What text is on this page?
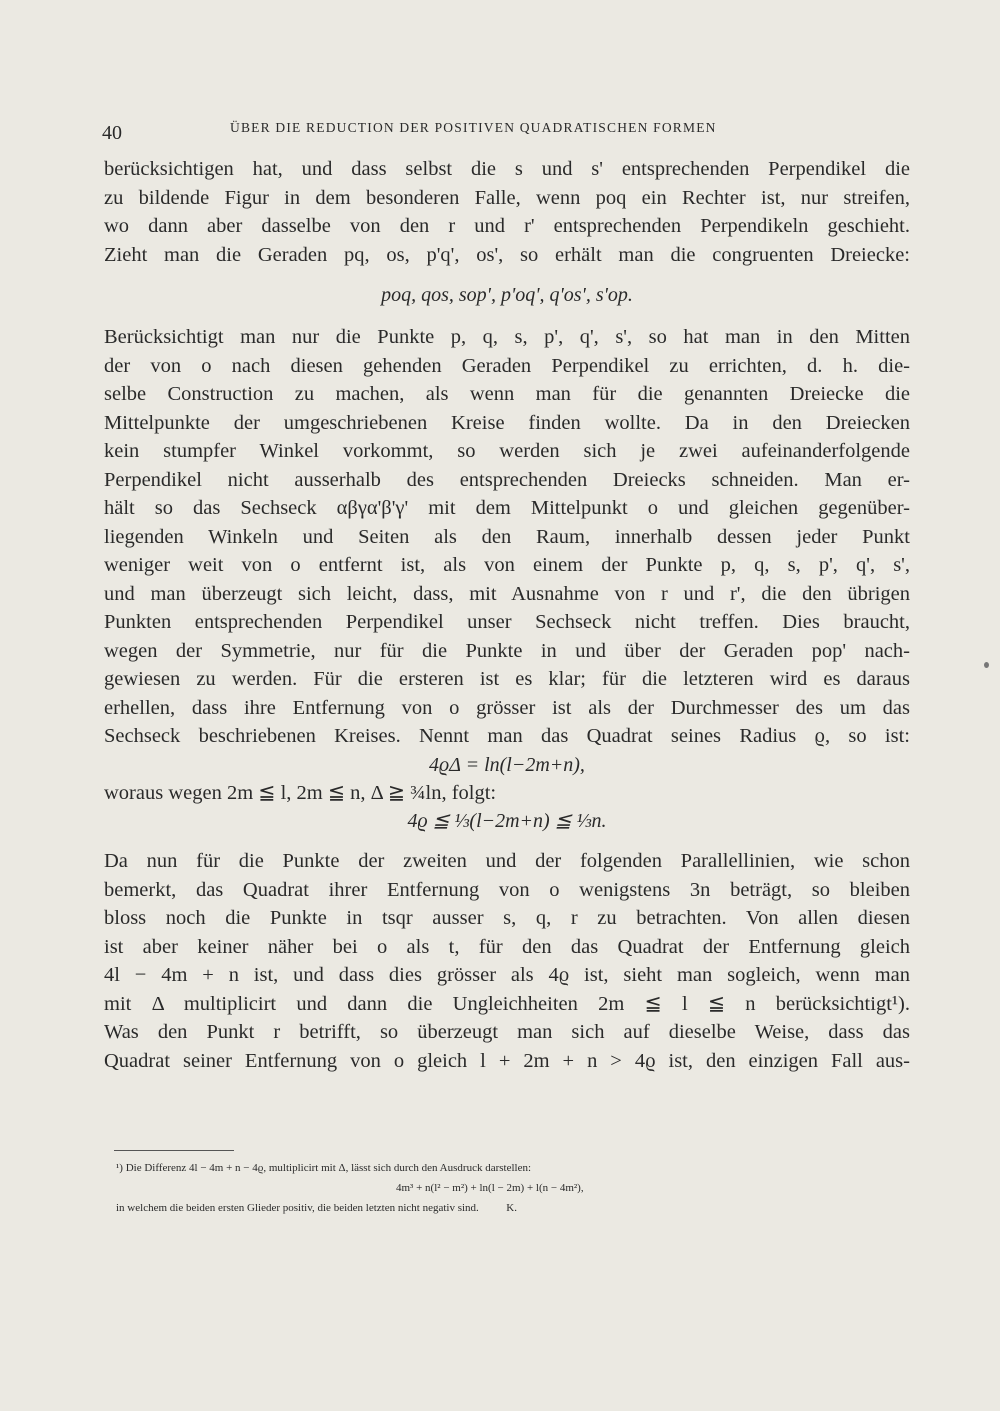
40	ÜBER DIE REDUCTION DER POSITIVEN QUADRATISCHEN FORMEN
berücksichtigen hat, und dass selbst die s und s' entsprechenden Perpendikel die
zu bildende Figur in dem besonderen Falle, wenn poq ein Rechter ist, nur streifen,
wo dann aber dasselbe von den r und r' entsprechenden Perpendikeln geschieht.
Zieht man die Geraden pq, os, p'q', os', so erhält man die congruenten Dreiecke:
poq, qos, sop', p'oq', q'os', s'op.
Berücksichtigt man nur die Punkte p, q, s, p', q', s', so hat man in den Mitten
der von o nach diesen gehenden Geraden Perpendikel zu errichten, d. h. die-
selbe Construction zu machen, als wenn man für die genannten Dreiecke die
Mittelpunkte der umgeschriebenen Kreise finden wollte. Da in den Dreiecken
kein stumpfer Winkel vorkommt, so werden sich je zwei aufeinanderfolgende
Perpendikel nicht ausserhalb des entsprechenden Dreiecks schneiden. Man er-
hält so das Sechseck αβγα'β'γ' mit dem Mittelpunkt o und gleichen gegenüber-
liegenden Winkeln und Seiten als den Raum, innerhalb dessen jeder Punkt
weniger weit von o entfernt ist, als von einem der Punkte p, q, s, p', q', s',
und man überzeugt sich leicht, dass, mit Ausnahme von r und r', die den übrigen
Punkten entsprechenden Perpendikel unser Sechseck nicht treffen. Dies braucht,
wegen der Symmetrie, nur für die Punkte in und über der Geraden pop' nach-
gewiesen zu werden. Für die ersteren ist es klar; für die letzteren wird es daraus
erhellen, dass ihre Entfernung von o grösser ist als der Durchmesser des um das
Sechseck beschriebenen Kreises. Nennt man das Quadrat seines Radius ϱ, so ist:
4ϱΔ = ln(l−2m+n),
woraus wegen 2m ≦ l, 2m ≦ n, Δ ≧ ¾ln, folgt:
4ϱ ≦ ⅓(l−2m+n) ≦ ⅓n.
Da nun für die Punkte der zweiten und der folgenden Parallellinien, wie schon
bemerkt, das Quadrat ihrer Entfernung von o wenigstens 3n beträgt, so bleiben
bloss noch die Punkte in tsqr ausser s, q, r zu betrachten. Von allen diesen
ist aber keiner näher bei o als t, für den das Quadrat der Entfernung gleich
4l − 4m + n ist, und dass dies grösser als 4ϱ ist, sieht man sogleich, wenn man
mit Δ multiplicirt und dann die Ungleichheiten 2m ≦ l ≦ n berücksichtigt¹).
Was den Punkt r betrifft, so überzeugt man sich auf dieselbe Weise, dass das
Quadrat seiner Entfernung von o gleich l + 2m + n > 4ϱ ist, den einzigen Fall aus-
¹) Die Differenz 4l − 4m + n − 4ϱ, multiplicirt mit Δ, lässt sich durch den Ausdruck darstellen:
4m³ + n(l² − m²) + ln(l − 2m) + l(n − 4m²),
in welchem die beiden ersten Glieder positiv, die beiden letzten nicht negativ sind.	K.
